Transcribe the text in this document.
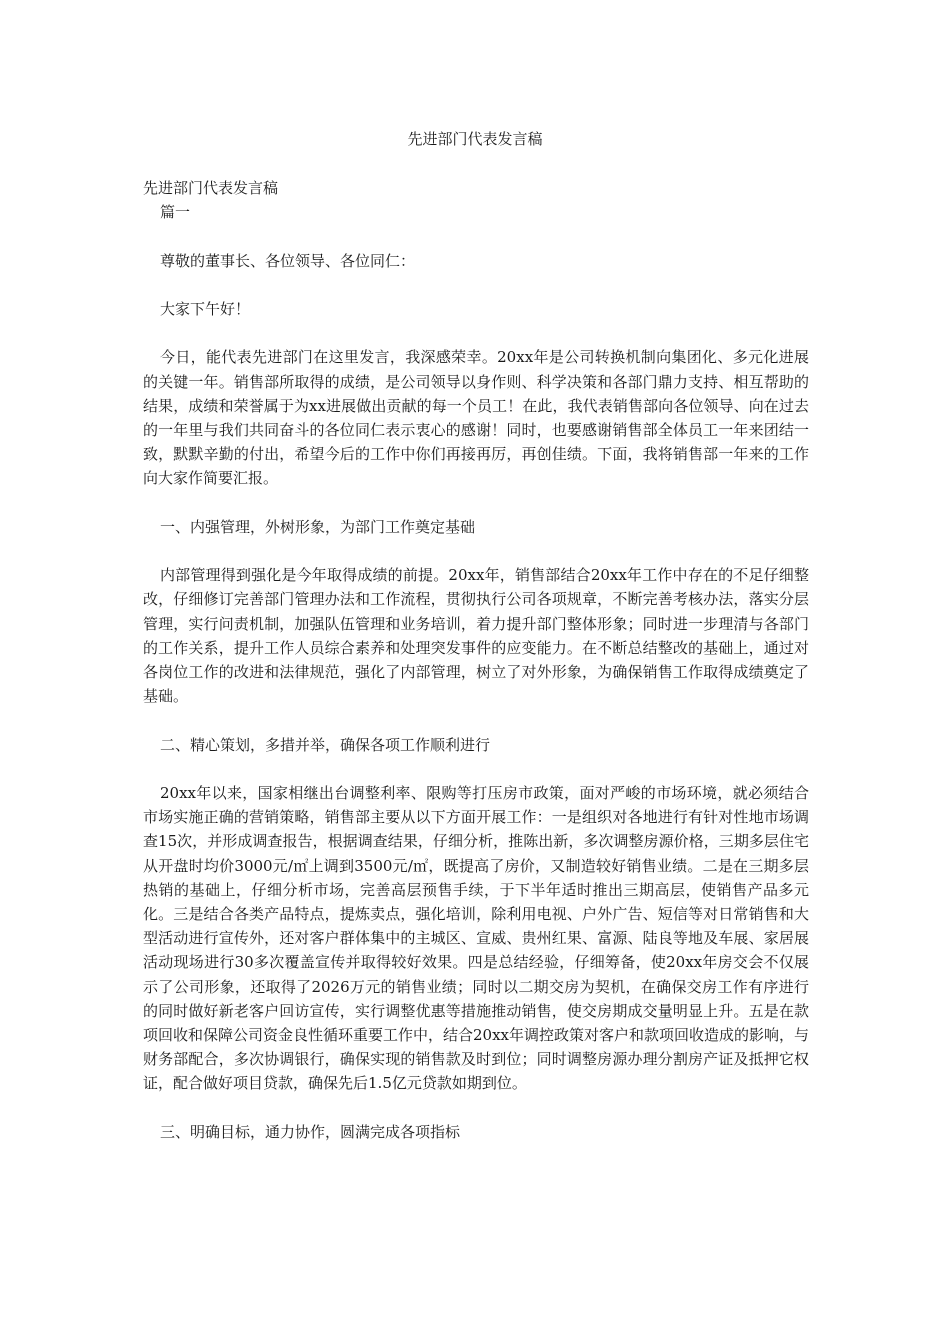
先进部门代表发言稿

先进部门代表发言稿

篇一

尊敬的董事长、各位领导、各位同仁：

大家下午好！

今日，能代表先进部门在这里发言，我深感荣幸。20xx年是公司转换机制向集团化、多元化进展的关键一年。销售部所取得的成绩，是公司领导以身作则、科学决策和各部门鼎力支持、相互帮助的结果，成绩和荣誉属于为xx进展做出贡献的每一个员工！在此，我代表销售部向各位领导、向在过去的一年里与我们共同奋斗的各位同仁表示衷心的感谢！同时，也要感谢销售部全体员工一年来团结一致，默默辛勤的付出，希望今后的工作中你们再接再厉，再创佳绩。下面，我将销售部一年来的工作向大家作简要汇报。

一、内强管理，外树形象，为部门工作奠定基础

内部管理得到强化是今年取得成绩的前提。20xx年，销售部结合20xx年工作中存在的不足仔细整改，仔细修订完善部门管理办法和工作流程，贯彻执行公司各项规章，不断完善考核办法，落实分层管理，实行问责机制，加强队伍管理和业务培训，着力提升部门整体形象；同时进一步理清与各部门的工作关系，提升工作人员综合素养和处理突发事件的应变能力。在不断总结整改的基础上，通过对各岗位工作的改进和法律规范，强化了内部管理，树立了对外形象，为确保销售工作取得成绩奠定了基础。

二、精心策划，多措并举，确保各项工作顺利进行

20xx年以来，国家相继出台调整利率、限购等打压房市政策，面对严峻的市场环境，就必须结合市场实施正确的营销策略，销售部主要从以下方面开展工作：一是组织对各地进行有针对性地市场调查15次，并形成调查报告，根据调查结果，仔细分析，推陈出新，多次调整房源价格，三期多层住宅从开盘时均价3000元/㎡上调到3500元/㎡，既提高了房价，又制造较好销售业绩。二是在三期多层热销的基础上，仔细分析市场，完善高层预售手续，于下半年适时推出三期高层，使销售产品多元化。三是结合各类产品特点，提炼卖点，强化培训，除利用电视、户外广告、短信等对日常销售和大型活动进行宣传外，还对客户群体集中的主城区、宣威、贵州红果、富源、陆良等地及车展、家居展活动现场进行30多次覆盖宣传并取得较好效果。四是总结经验，仔细筹备，使20xx年房交会不仅展示了公司形象，还取得了2026万元的销售业绩；同时以二期交房为契机，在确保交房工作有序进行的同时做好新老客户回访宣传，实行调整优惠等措施推动销售，使交房期成交量明显上升。五是在款项回收和保障公司资金良性循环重要工作中，结合20xx年调控政策对客户和款项回收造成的影响，与财务部配合，多次协调银行，确保实现的销售款及时到位；同时调整房源办理分割房产证及抵押它权证，配合做好项目贷款，确保先后1.5亿元贷款如期到位。

三、明确目标，通力协作，圆满完成各项指标
